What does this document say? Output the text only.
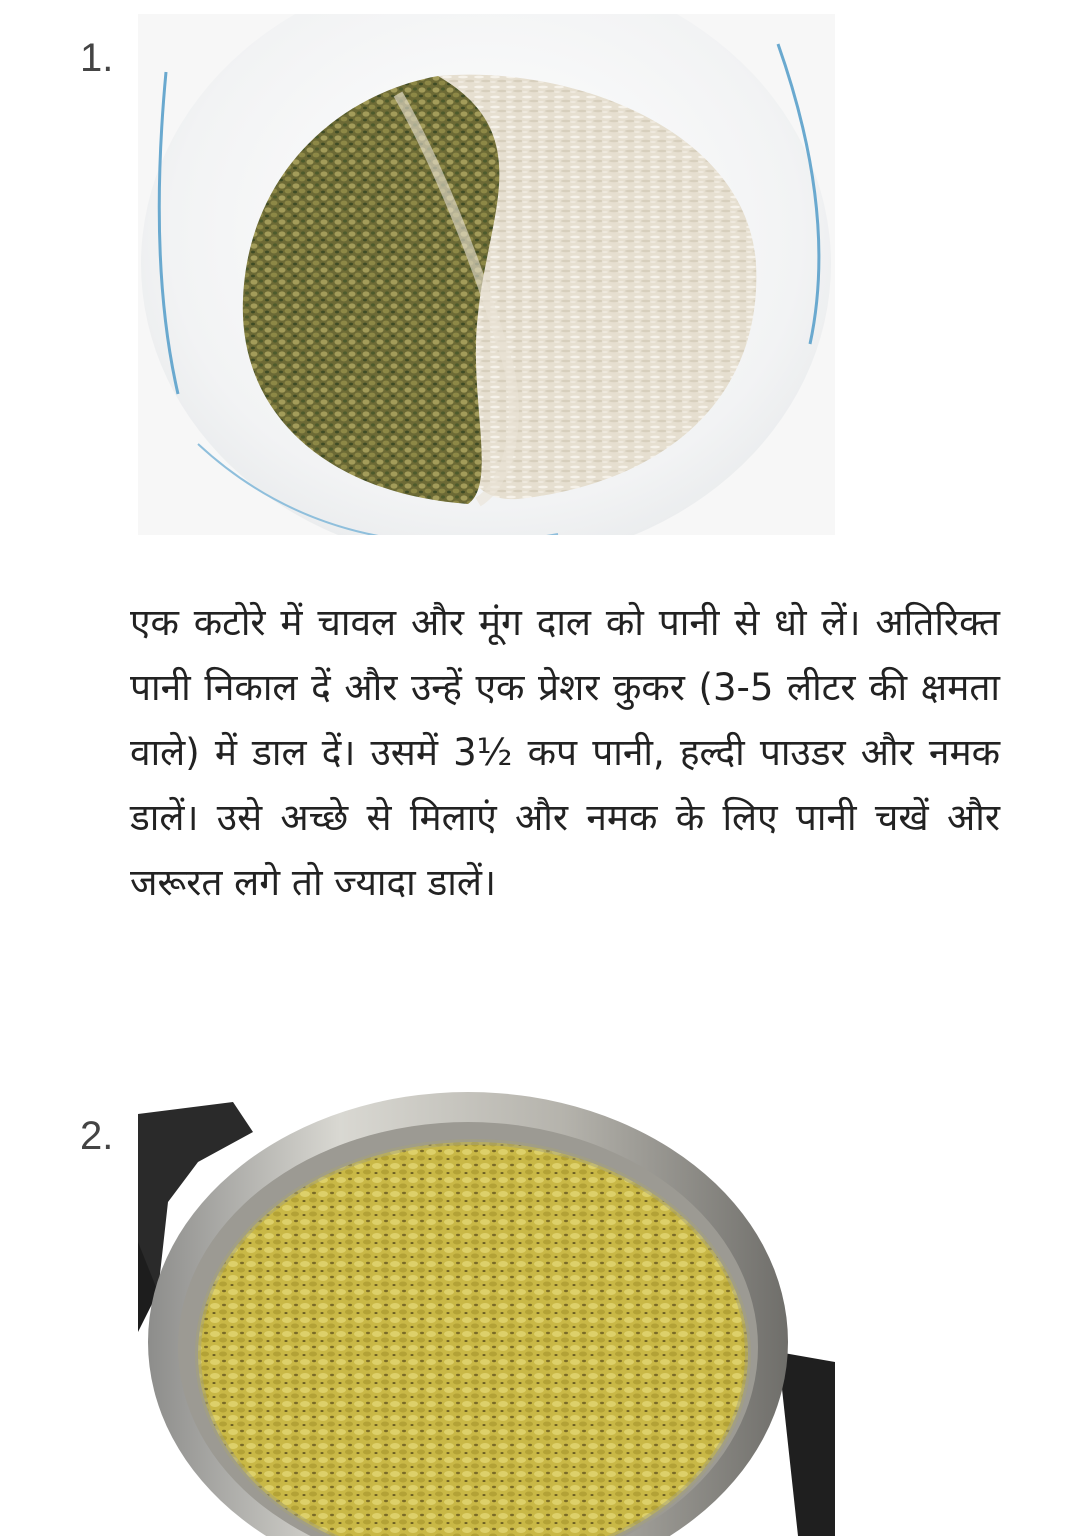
1.

एक कटोरे में चावल और मूंग दाल को पानी से धो लें। अतिरिक्त पानी निकाल दें और उन्हें एक प्रेशर कुकर (3-5 लीटर की क्षमता वाले) में डाल दें। उसमें 3½ कप पानी, हल्दी पाउडर और नमक डालें। उसे अच्छे से मिलाएं और नमक के लिए पानी चखें और जरूरत लगे तो ज्यादा डालें।

2.
